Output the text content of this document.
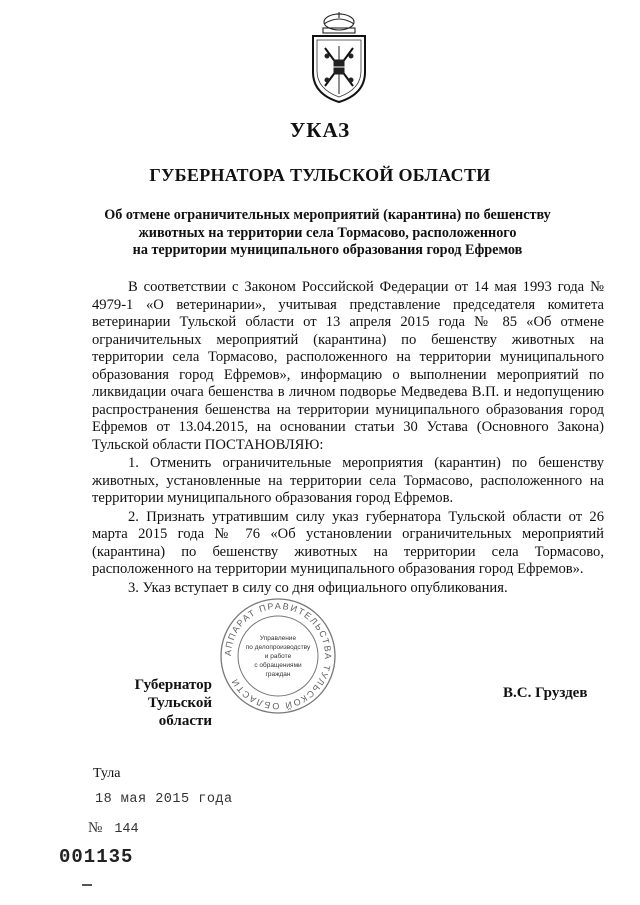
УКАЗ
ГУБЕРНАТОРА ТУЛЬСКОЙ ОБЛАСТИ
Об отмене ограничительных мероприятий (карантина) по бешенству
животных на территории села Тормасово, расположенного
на территории муниципального образования город Ефремов

В соответствии с Законом Российской Федерации от 14 мая 1993 года № 4979-1 «О ветеринарии», учитывая представление председателя комитета ветеринарии Тульской области от 13 апреля 2015 года № 85 «Об отмене ограничительных мероприятий (карантина) по бешенству животных на территории села Тормасово, расположенного на территории муниципального образования город Ефремов», информацию о выполнении мероприятий по ликвидации очага бешенства в личном подворье Медведева В.П. и недопущению распространения бешенства на территории муниципального образования город Ефремов от 13.04.2015, на основании статьи 30 Устава (Основного Закона) Тульской области ПОСТАНОВЛЯЮ:

1. Отменить ограничительные мероприятия (карантин) по бешенству животных, установленные на территории села Тормасово, расположенного на территории муниципального образования город Ефремов.

2. Признать утратившим силу указ губернатора Тульской области от 26 марта 2015 года № 76 «Об установлении ограничительных мероприятий (карантина) по бешенству животных на территории села Тормасово, расположенного на территории муниципального образования город Ефремов».

3. Указ вступает в силу со дня официального опубликования.

АППАРАТ ПРАВИТЕЛЬСТВА ТУЛЬСКОЙ ОБЛАСТИ
Управление
по делопроизводству
и работе
с обращениями
граждан
Губернатор
Тульской области
В.С. Груздев
Тула
18 мая 2015 года
№ 144
001135
